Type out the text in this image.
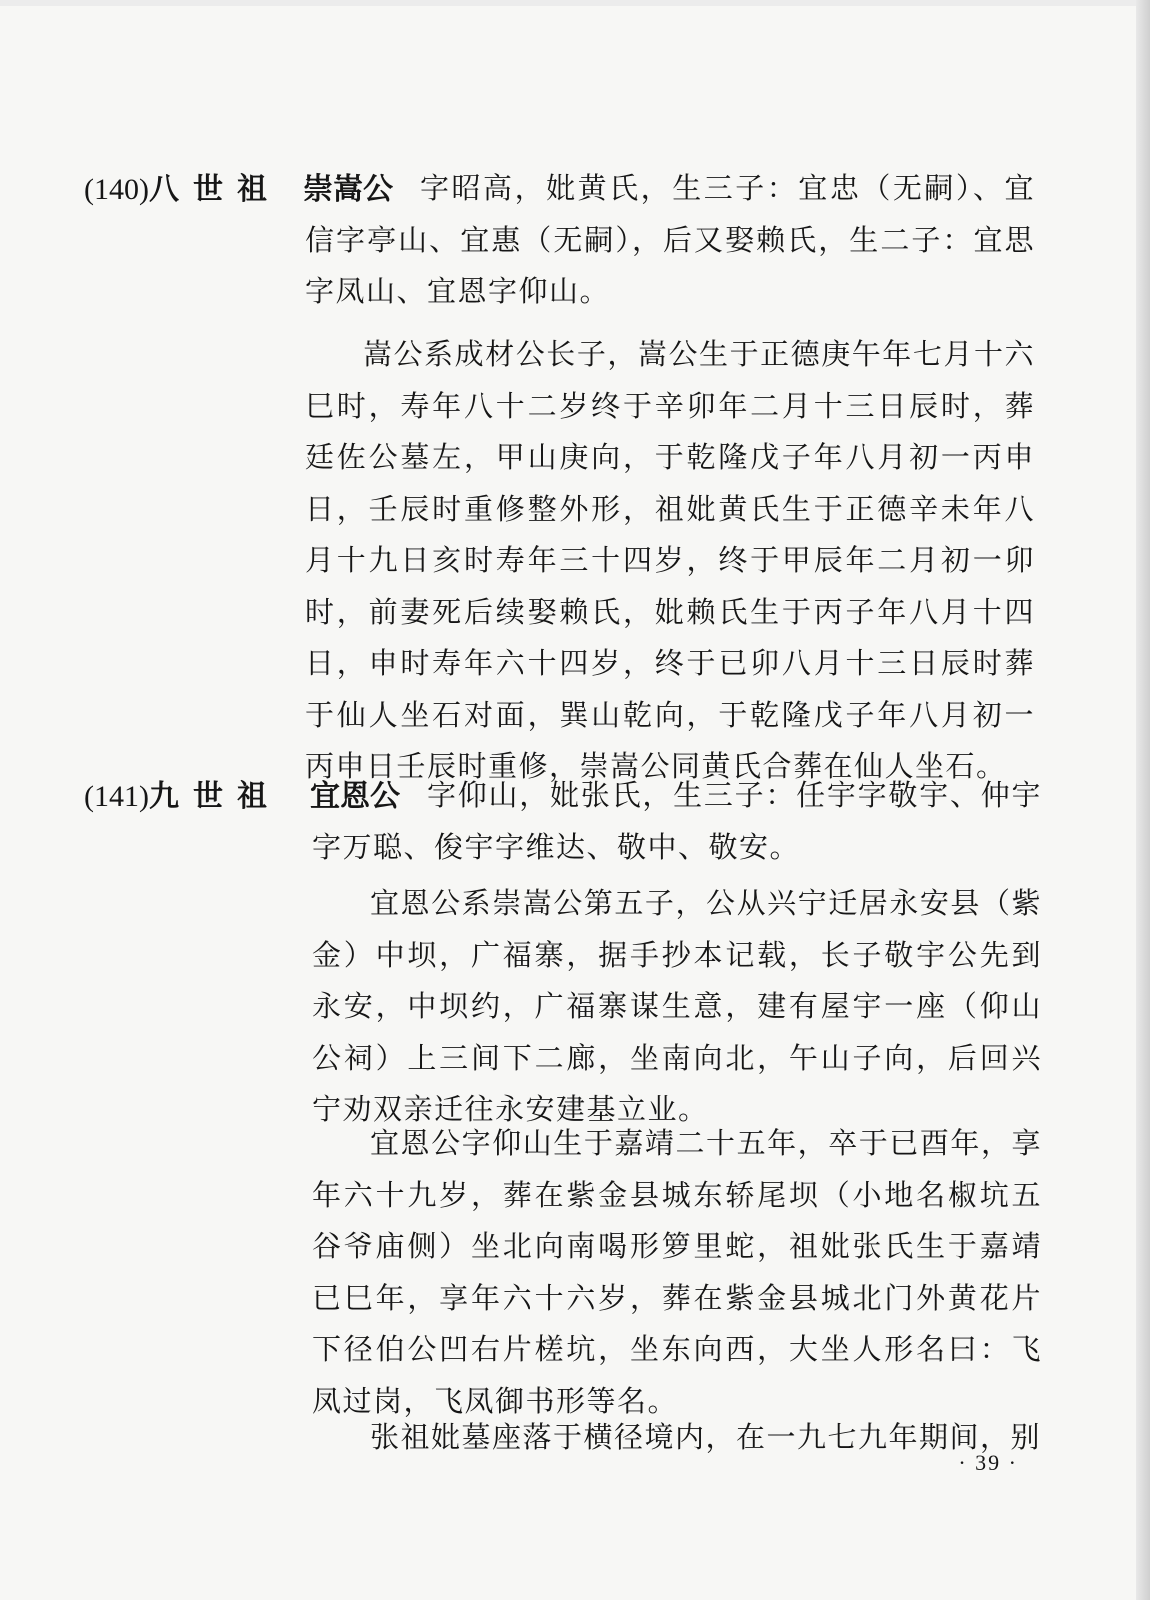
(140)八世祖 崇嵩公 字昭高，妣黄氏，生三子：宜忠（无嗣）、宜信字亭山、宜惠（无嗣），后又娶赖氏，生二子：宜思字凤山、宜恩字仰山。
嵩公系成材公长子，嵩公生于正德庚午年七月十六巳时，寿年八十二岁终于辛卯年二月十三日辰时，葬廷佐公墓左，甲山庚向，于乾隆戊子年八月初一丙申日，壬辰时重修整外形，祖妣黄氏生于正德辛未年八月十九日亥时寿年三十四岁，终于甲辰年二月初一卯时，前妻死后续娶赖氏，妣赖氏生于丙子年八月十四日，申时寿年六十四岁，终于已卯八月十三日辰时葬于仙人坐石对面，巽山乾向，于乾隆戊子年八月初一丙申日壬辰时重修，崇嵩公同黄氏合葬在仙人坐石。
(141)九世祖 宜恩公 字仰山，妣张氏，生三子：任宇字敬宇、仲宇字万聪、俊宇字维达、敬中、敬安。
宜恩公系崇嵩公第五子，公从兴宁迁居永安县（紫金）中坝，广福寨，据手抄本记载，长子敬宇公先到永安，中坝约，广福寨谋生意，建有屋宇一座（仰山公祠）上三间下二廊，坐南向北，午山子向，后回兴宁劝双亲迁往永安建基立业。
宜恩公字仰山生于嘉靖二十五年，卒于已酉年，享年六十九岁，葬在紫金县城东轿尾坝（小地名椒坑五谷爷庙侧）坐北向南喝形箩里蛇，祖妣张氏生于嘉靖已巳年，享年六十六岁，葬在紫金县城北门外黄花片下径伯公凹右片槎坑，坐东向西，大坐人形名曰：飞凤过岗，飞凤御书形等名。
张祖妣墓座落于横径境内，在一九七九年期间，别
· 39 ·
